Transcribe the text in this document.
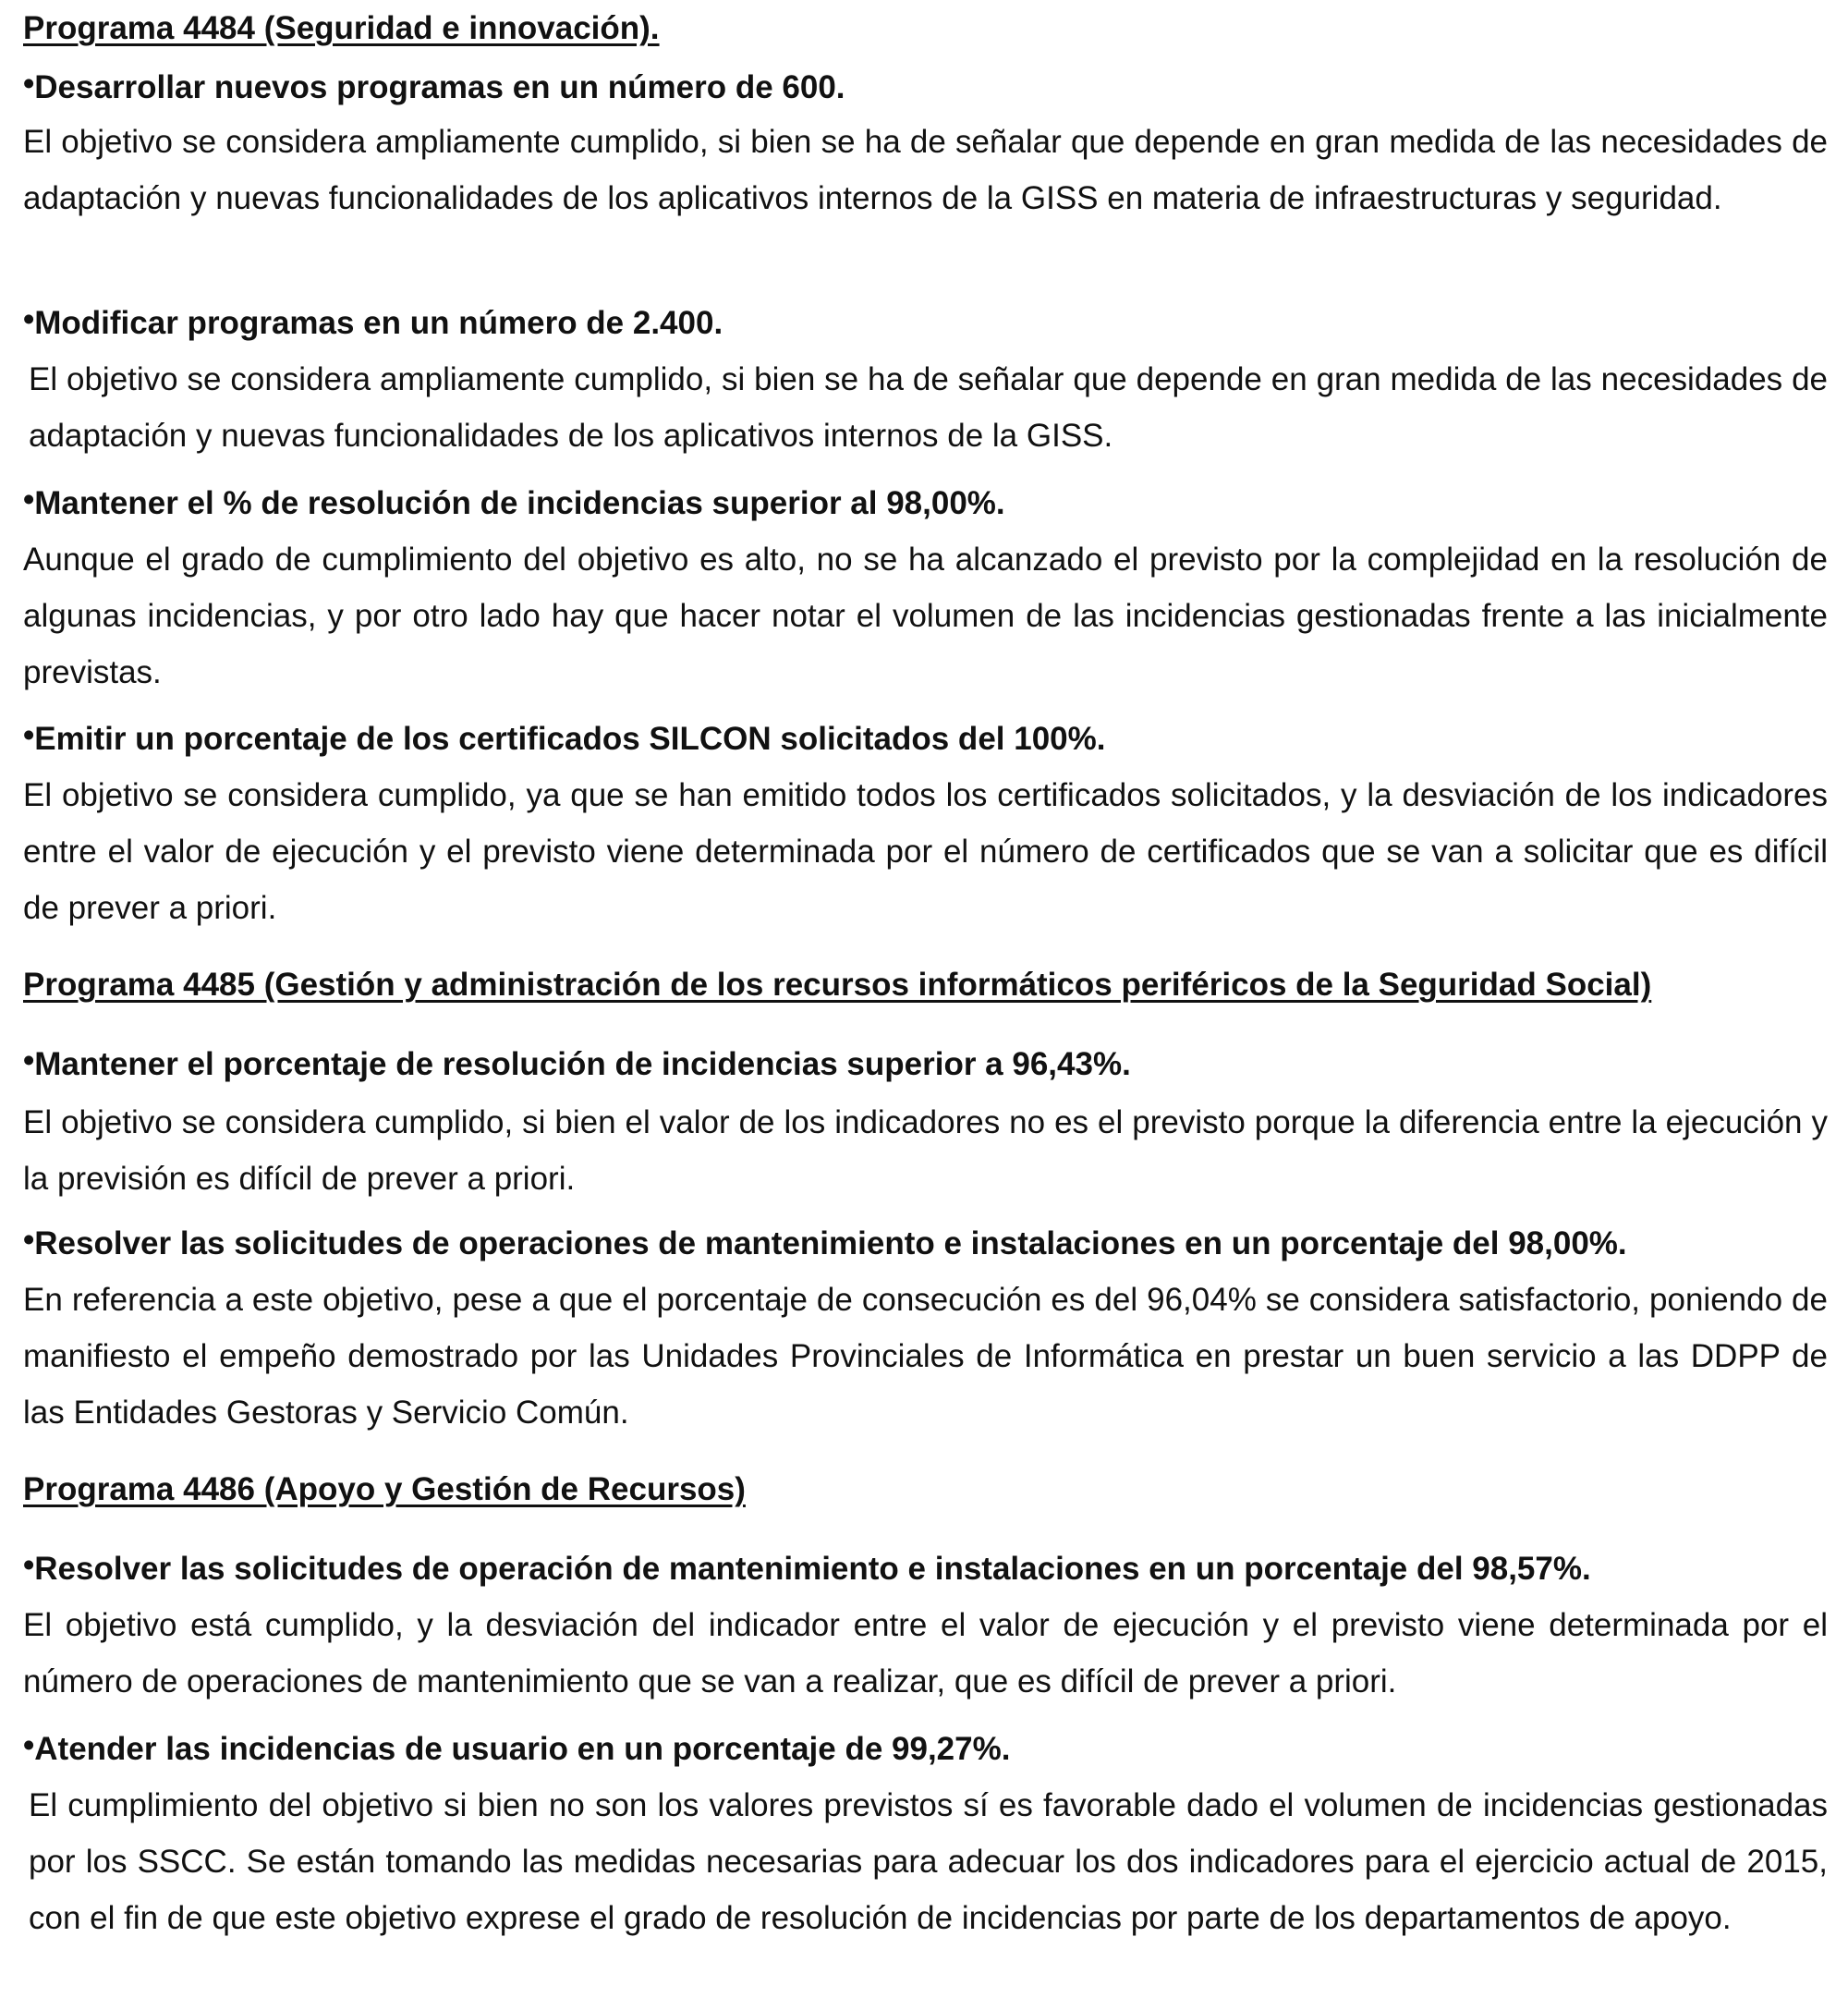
Programa 4484 (Seguridad e innovación).
•Desarrollar nuevos programas en un número de 600.
El objetivo se considera ampliamente cumplido, si bien se ha de señalar que depende en gran medida de las necesidades de adaptación y nuevas funcionalidades de los aplicativos internos de la GISS en materia de infraestructuras y seguridad.
•Modificar programas en un número de 2.400.
El objetivo se considera ampliamente cumplido, si bien se ha de señalar que depende en gran medida de las necesidades de adaptación y nuevas funcionalidades de los aplicativos internos de la GISS.
•Mantener el % de resolución de incidencias superior al 98,00%.
Aunque el grado de cumplimiento del objetivo es alto, no se ha alcanzado el previsto por la complejidad en la resolución de algunas incidencias, y por otro lado hay que hacer notar el volumen de las incidencias gestionadas frente a las inicialmente previstas.
•Emitir un porcentaje de los certificados SILCON solicitados del 100%.
El objetivo se considera cumplido, ya que se han emitido todos los certificados solicitados, y la desviación de los indicadores entre el valor de ejecución y el previsto viene determinada por el número de certificados que se van a solicitar que es difícil de prever a priori.
Programa 4485 (Gestión y administración de los recursos informáticos periféricos de la Seguridad Social)
•Mantener el porcentaje de resolución de incidencias superior a 96,43%.
El objetivo se considera cumplido, si bien el valor de los indicadores no es el previsto porque la diferencia entre la ejecución y la previsión es difícil de prever a priori.
•Resolver las solicitudes de operaciones de mantenimiento e instalaciones en un porcentaje del 98,00%.
En referencia a este objetivo, pese a que el porcentaje de consecución es del 96,04% se considera satisfactorio, poniendo de manifiesto el empeño demostrado por las Unidades Provinciales de Informática en prestar un buen servicio a las DDPP de las Entidades Gestoras y Servicio Común.
Programa 4486 (Apoyo y Gestión de Recursos)
•Resolver las solicitudes de operación de mantenimiento e instalaciones en un porcentaje del 98,57%.
El objetivo está cumplido, y la desviación del indicador entre el valor de ejecución y el previsto viene determinada por el número de operaciones de mantenimiento que se van a realizar, que es difícil de prever a priori.
•Atender las incidencias de usuario en un porcentaje de 99,27%.
El cumplimiento del objetivo si bien no son los valores previstos sí es favorable dado el volumen de incidencias gestionadas por los SSCC. Se están tomando las medidas necesarias para adecuar los dos indicadores para el ejercicio actual de 2015, con el fin de que este objetivo exprese el grado de resolución de incidencias por parte de los departamentos de apoyo.
